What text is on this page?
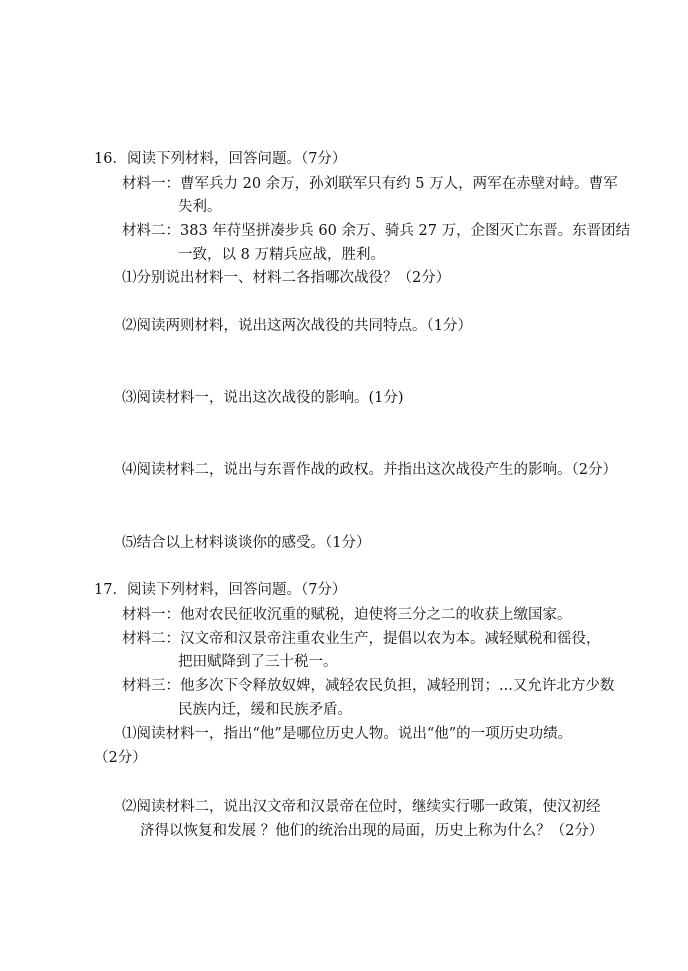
16．阅读下列材料，回答问题。（7分）
材料一：曹军兵力 20 余万，孙刘联军只有约 5 万人，两军在赤壁对峙。曹军
失利。
材料二：383 年苻坚拼凑步兵 60 余万、骑兵 27 万，企图灭亡东晋。东晋团结
一致，以 8 万精兵应战，胜利。
⑴分别说出材料一、材料二各指哪次战役？（2分）
⑵阅读两则材料，说出这两次战役的共同特点。（1分）
⑶阅读材料一，说出这次战役的影响。(1分)
⑷阅读材料二，说出与东晋作战的政权。并指出这次战役产生的影响。（2分）
⑸结合以上材料谈谈你的感受。（1分）
17．阅读下列材料，回答问题。（7分）
材料一：他对农民征收沉重的赋税，迫使将三分之二的收获上缴国家。
材料二：汉文帝和汉景帝注重农业生产，提倡以农为本。减轻赋税和徭役，
把田赋降到了三十税一。
材料三：他多次下令释放奴婢，减轻农民负担，减轻刑罚；...又允许北方少数
民族内迁，缓和民族矛盾。
⑴阅读材料一，指出“他”是哪位历史人物。说出“他”的一项历史功绩。
（2分）
⑵阅读材料二，说出汉文帝和汉景帝在位时，继续实行哪一政策，使汉初经
济得以恢复和发展 ？他们的统治出现的局面，历史上称为什么？（2分）
